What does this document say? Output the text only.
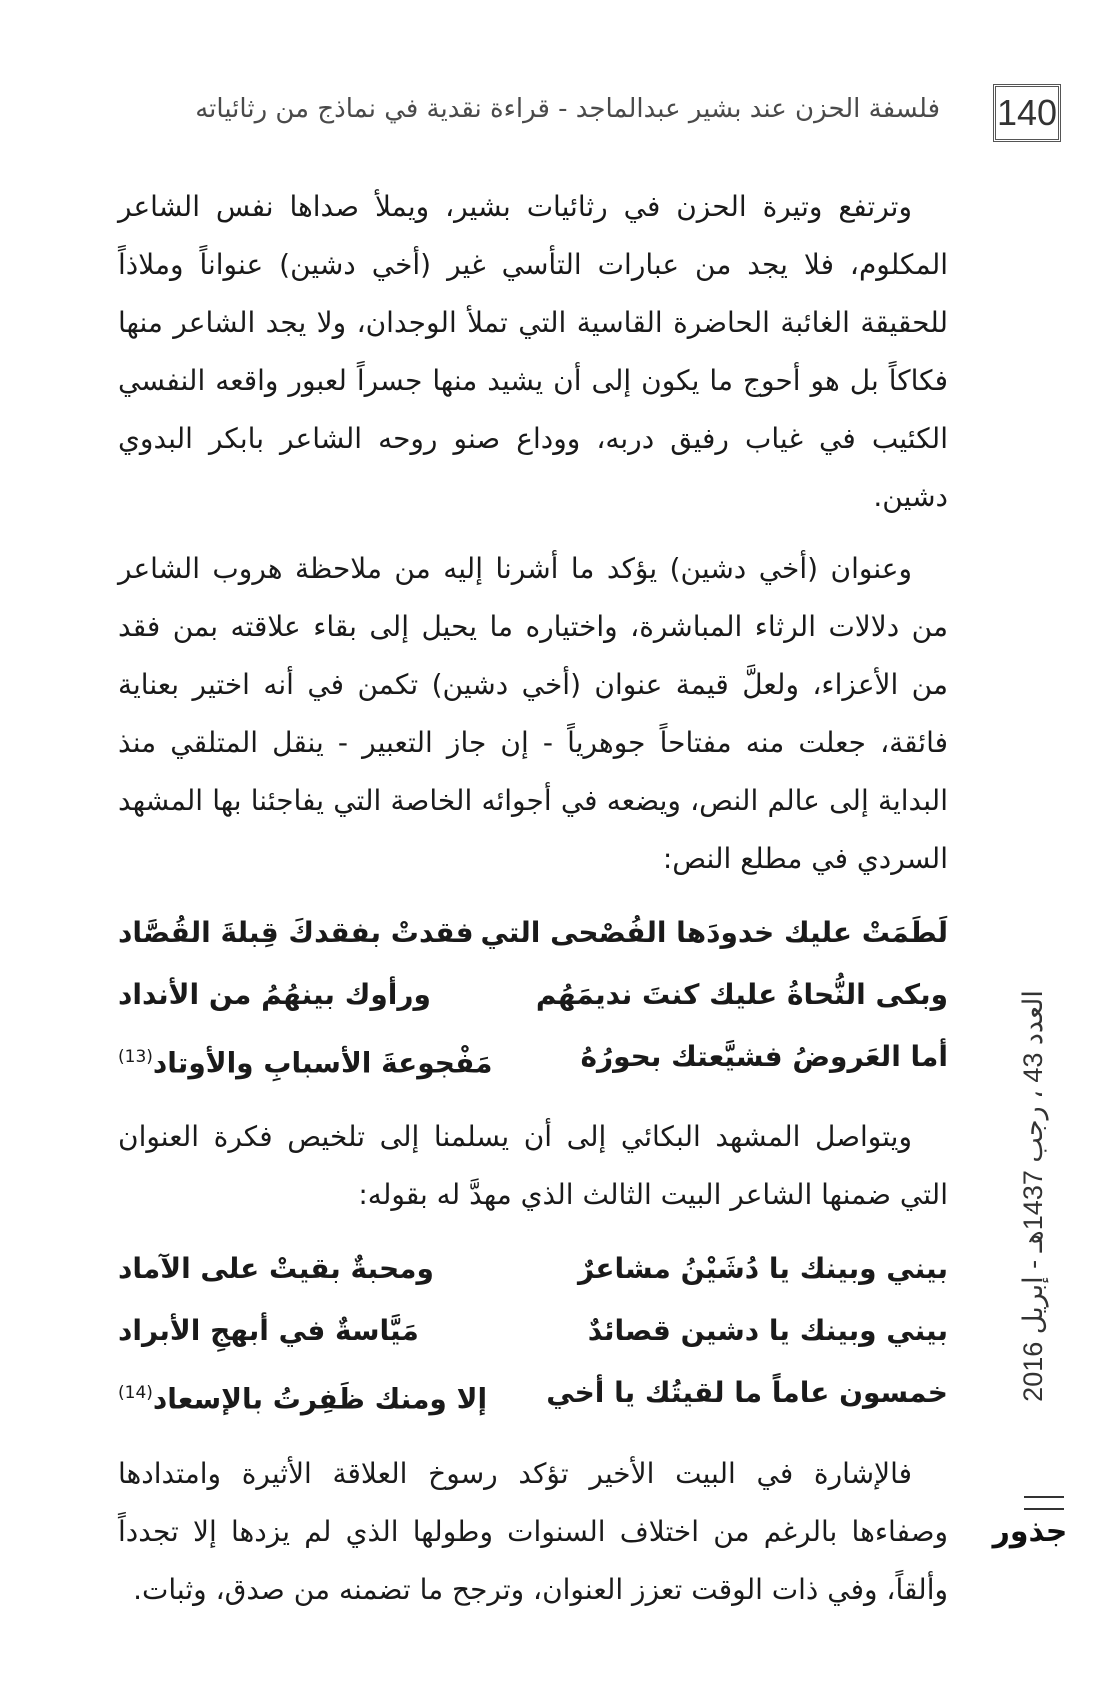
140
فلسفة الحزن عند بشير عبدالماجد - قراءة نقدية في نماذج من رثائياته

وترتفع وتيرة الحزن في رثائيات بشير، ويملأ صداها نفس الشاعر المكلوم، فلا يجد من عبارات التأسي غير (أخي دشين) عنواناً وملاذاً للحقيقة الغائبة الحاضرة القاسية التي تملأ الوجدان، ولا يجد الشاعر منها فكاكاً بل هو أحوج ما يكون إلى أن يشيد منها جسراً لعبور واقعه النفسي الكئيب في غياب رفيق دربه، ووداع صنو روحه الشاعر بابكر البدوي دشين.

وعنوان (أخي دشين) يؤكد ما أشرنا إليه من ملاحظة هروب الشاعر من دلالات الرثاء المباشرة، واختياره ما يحيل إلى بقاء علاقته بمن فقد من الأعزاء، ولعلَّ قيمة عنوان (أخي دشين) تكمن في أنه اختير بعناية فائقة، جعلت منه مفتاحاً جوهرياً - إن جاز التعبير - ينقل المتلقي منذ البداية إلى عالم النص، ويضعه في أجوائه الخاصة التي يفاجئنا بها المشهد السردي في مطلع النص:

لَطَمَتْ عليك خدودَها الفُصْحى التي
فقدتْ بفقدكَ قِبلةَ القُصَّاد
وبكى النُّحاةُ عليك كنتَ نديمَهُم
ورأوك بينهُمُ من الأنداد
أما العَروضُ فشيَّعتك بحورُهُ
مَفْجوعةَ الأسبابِ والأوتاد$^{(13)}$

ويتواصل المشهد البكائي إلى أن يسلمنا إلى تلخيص فكرة العنوان التي ضمنها الشاعر البيت الثالث الذي مهدَّ له بقوله:

بيني وبينك يا دُشَيْنُ مشاعرٌ
ومحبةٌ بقيتْ على الآماد
بيني وبينك يا دشين قصائدٌ
مَيَّاسةٌ في أبهجِ الأبراد
خمسون عاماً ما لقيتُك يا أخي
إلا ومنك ظَفِرتُ بالإسعاد$^{(14)}$

فالإشارة في البيت الأخير تؤكد رسوخ العلاقة الأثيرة وامتدادها وصفاءها بالرغم من اختلاف السنوات وطولها الذي لم يزدها إلا تجدداً وألقاً، وفي ذات الوقت تعزز العنوان، وترجح ما تضمنه من صدق، وثبات.

العدد 43 ، رجب 1437هـ - إبريل 2016
جذور
